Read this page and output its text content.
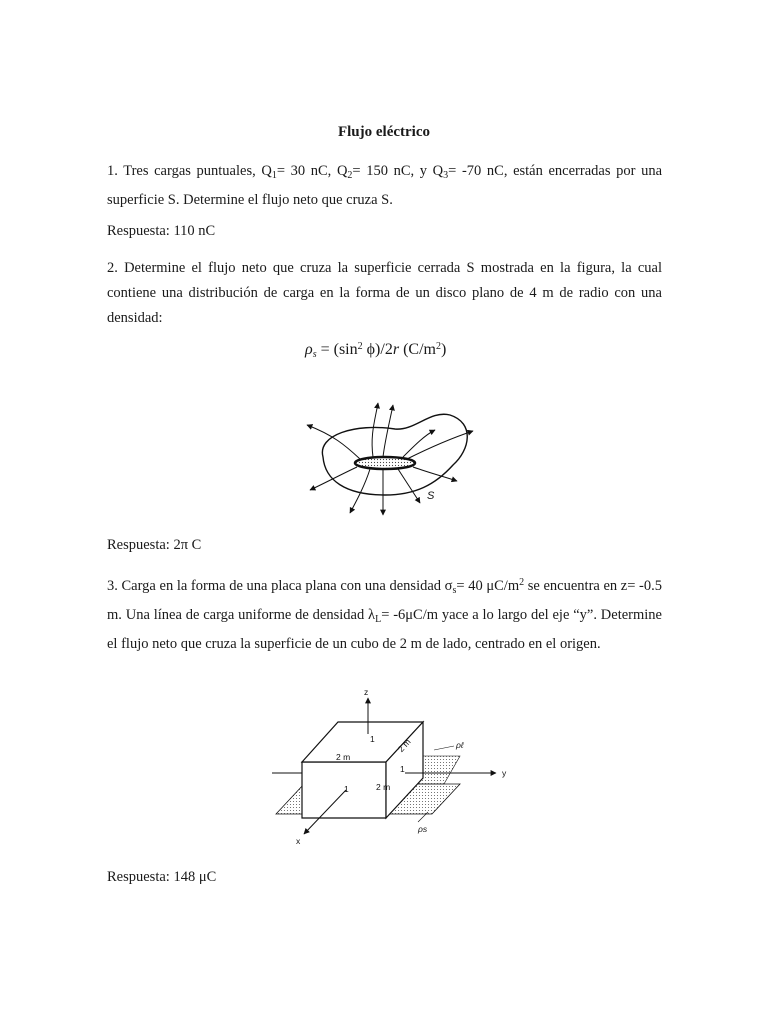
Flujo eléctrico
1. Tres cargas puntuales, $Q_1= 30$ nC, $Q_2= 150$ nC, y $Q_3= -70$ nC, están encerradas por una superficie S. Determine el flujo neto que cruza S.
Respuesta: 110 nC
2. Determine el flujo neto que cruza la superficie cerrada S mostrada en la figura, la cual contiene una distribución de carga en la forma de un disco plano de 4 m de radio con una densidad:
$\rho_s = (\sin^2$ ϕ)/2r $(C/m^2)$
S
Respuesta: 2π C
3. Carga en la forma de una placa plana con una densidad $\sigma_s= 40$ $\mu C/m^2$ se encuentra en z= -0.5 m. Una línea de carga uniforme de densidad $\lambda_L= -6\mu C/m$ yace a lo largo del eje “y”. Determine el flujo neto que cruza la superficie de un cubo de 2 m de lado, centrado en el origen.
z
y
x
1
1
1
2 m
2 m
2 m
ρℓ
ρs
Respuesta: 148 μC
